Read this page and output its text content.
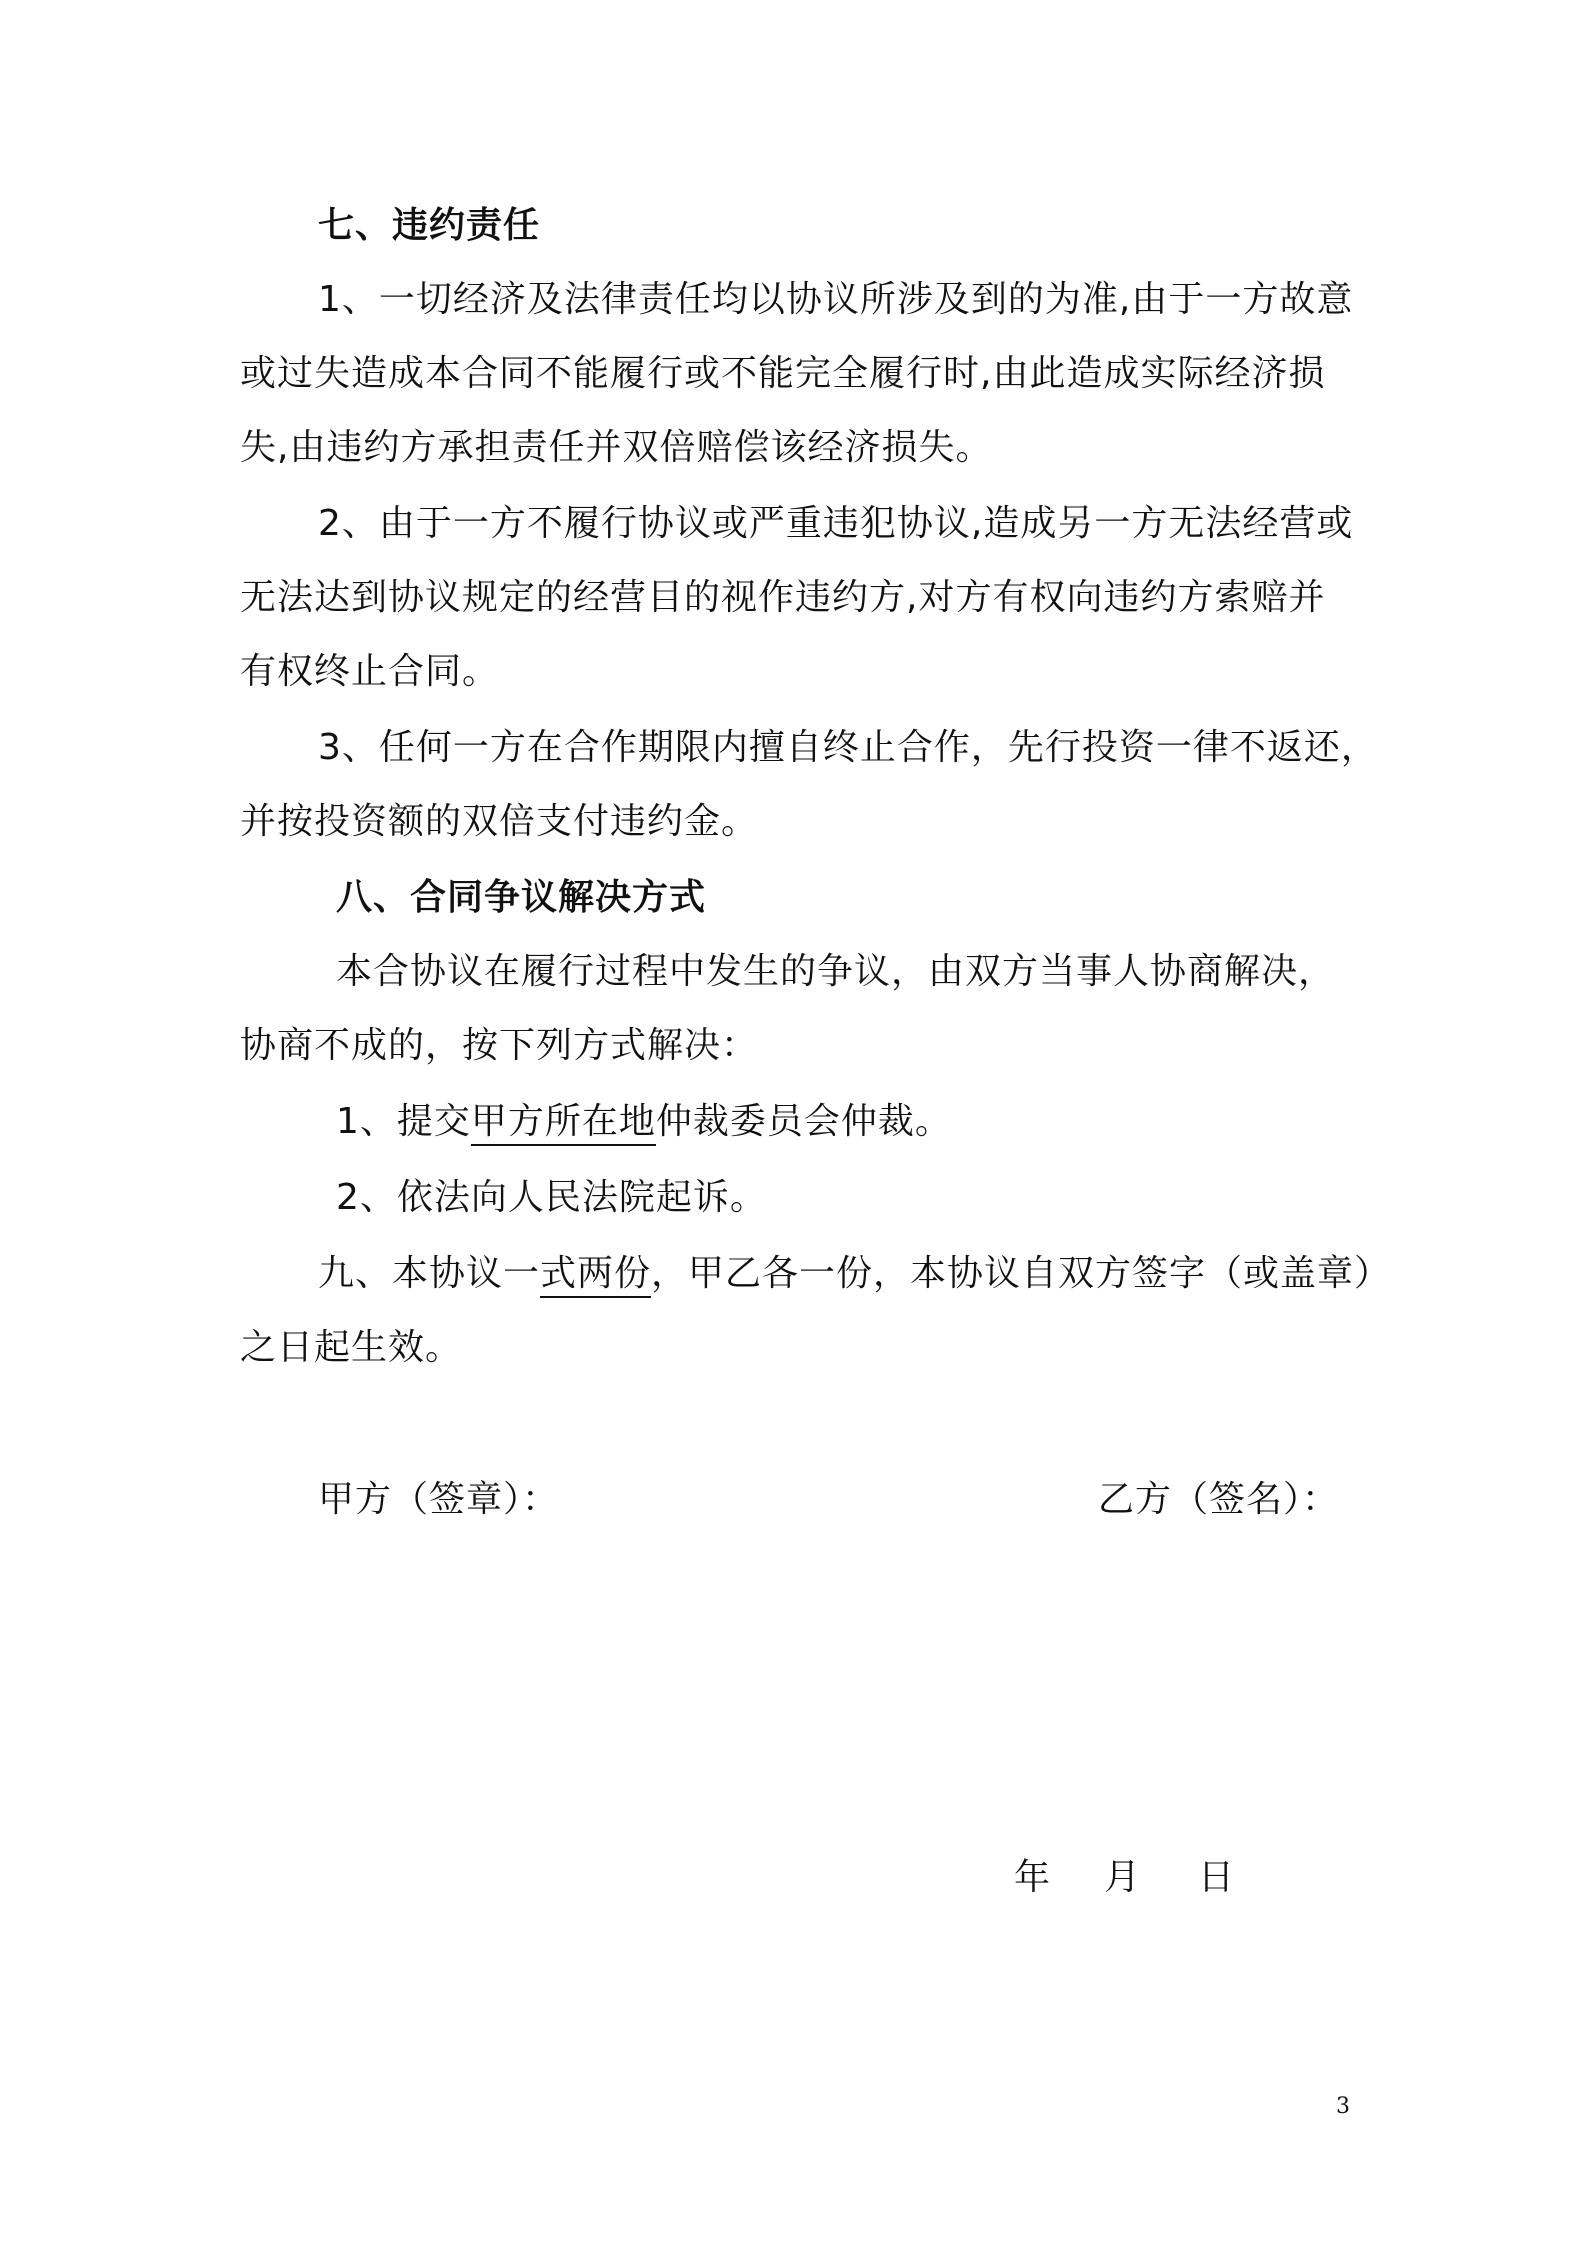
七、违约责任
1、一切经济及法律责任均以协议所涉及到的为准,由于一方故意
或过失造成本合同不能履行或不能完全履行时,由此造成实际经济损
失,由违约方承担责任并双倍赔偿该经济损失。
2、由于一方不履行协议或严重违犯协议,造成另一方无法经营或
无法达到协议规定的经营目的视作违约方,对方有权向违约方索赔并
有权终止合同。
3、任何一方在合作期限内擅自终止合作，先行投资一律不返还，
并按投资额的双倍支付违约金。
八、合同争议解决方式
本合协议在履行过程中发生的争议，由双方当事人协商解决，
协商不成的，按下列方式解决：
1、提交甲方所在地仲裁委员会仲裁。
2、依法向人民法院起诉。
九、本协议一式两份，甲乙各一份，本协议自双方签字（或盖章）
之日起生效。
甲方（签章）：	乙方（签名）：
年 月 日
3
